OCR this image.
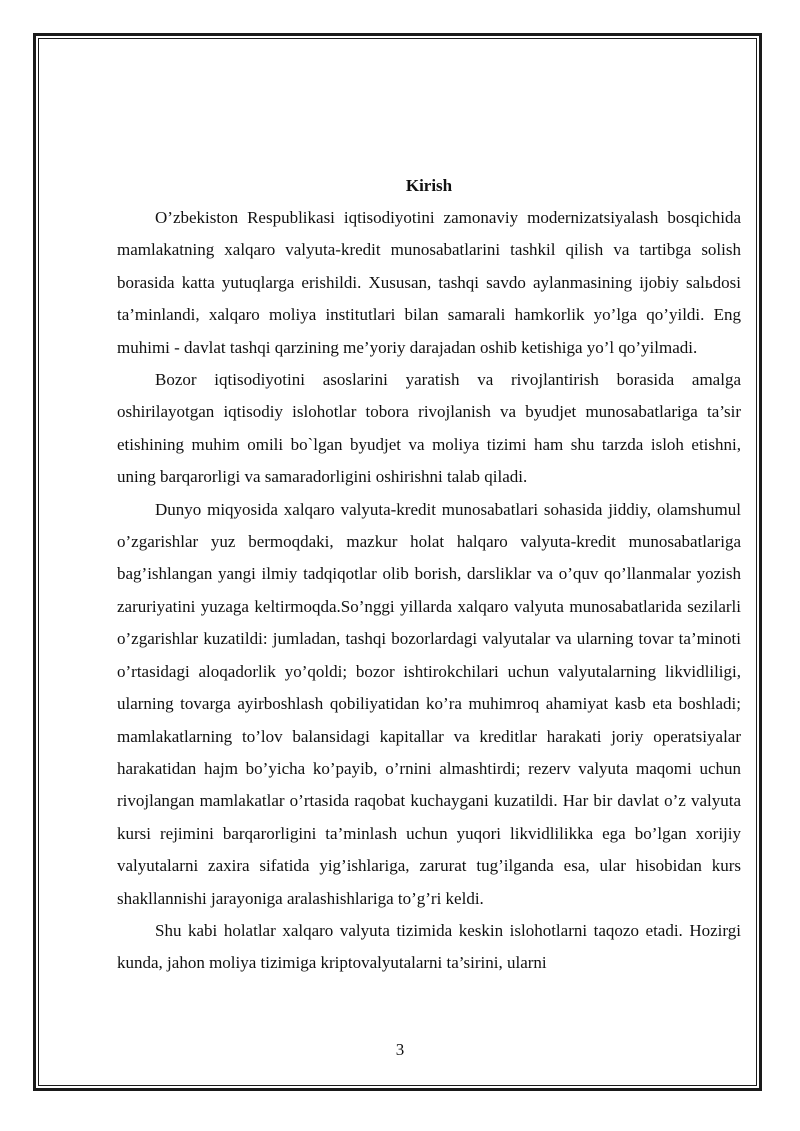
Kirish

O’zbekiston Respublikasi iqtisodiyotini zamonaviy modernizatsiyalash bosqichida mamlakatning xalqaro valyuta-kredit munosabatlarini tashkil qilish va tartibga solish borasida katta yutuqlarga erishildi. Xususan, tashqi savdo aylanmasining ijobiy salьdosi ta’minlandi, xalqaro moliya institutlari bilan samarali hamkorlik yo’lga qo’yildi. Eng muhimi - davlat tashqi qarzining me’yoriy darajadan oshib ketishiga yo’l qo’yilmadi.

Bozor iqtisodiyotini asoslarini yaratish va rivojlantirish borasida amalga oshirilayotgan iqtisodiy islohotlar tobora rivojlanish va byudjet munosabatlariga ta’sir etishining muhim omili bo`lgan byudjet va moliya tizimi ham shu tarzda isloh etishni, uning barqarorligi va samaradorligini oshirishni talab qiladi.

Dunyo miqyosida xalqaro valyuta-kredit munosabatlari sohasida jiddiy, olamshumul o’zgarishlar yuz bermoqdaki, mazkur holat halqaro valyuta-kredit munosabatlariga bag’ishlangan yangi ilmiy tadqiqotlar olib borish, darsliklar va o’quv qo’llanmalar yozish zaruriyatini yuzaga keltirmoqda.So’nggi yillarda xalqaro valyuta munosabatlarida sezilarli o’zgarishlar kuzatildi: jumladan, tashqi bozorlardagi valyutalar va ularning tovar ta’minoti o’rtasidagi aloqadorlik yo’qoldi; bozor ishtirokchilari uchun valyutalarning likvidliligi, ularning tovarga ayirboshlash qobiliyatidan ko’ra muhimroq ahamiyat kasb eta boshladi; mamlakatlarning to’lov balansidagi kapitallar va kreditlar harakati joriy operatsiyalar harakatidan hajm bo’yicha ko’payib, o’rnini almashtirdi; rezerv valyuta maqomi uchun rivojlangan mamlakatlar o’rtasida raqobat kuchaygani kuzatildi. Har bir davlat o’z valyuta kursi rejimini barqarorligini ta’minlash uchun yuqori likvidlilikka ega bo’lgan xorijiy valyutalarni zaxira sifatida yig’ishlariga, zarurat tug’ilganda esa, ular hisobidan kurs shakllannishi jarayoniga aralashishlariga to’g’ri keldi.

Shu kabi holatlar xalqaro valyuta tizimida keskin islohotlarni taqozo etadi. Hozirgi kunda, jahon moliya tizimiga kriptovalyutalarni ta’sirini, ularni

3
